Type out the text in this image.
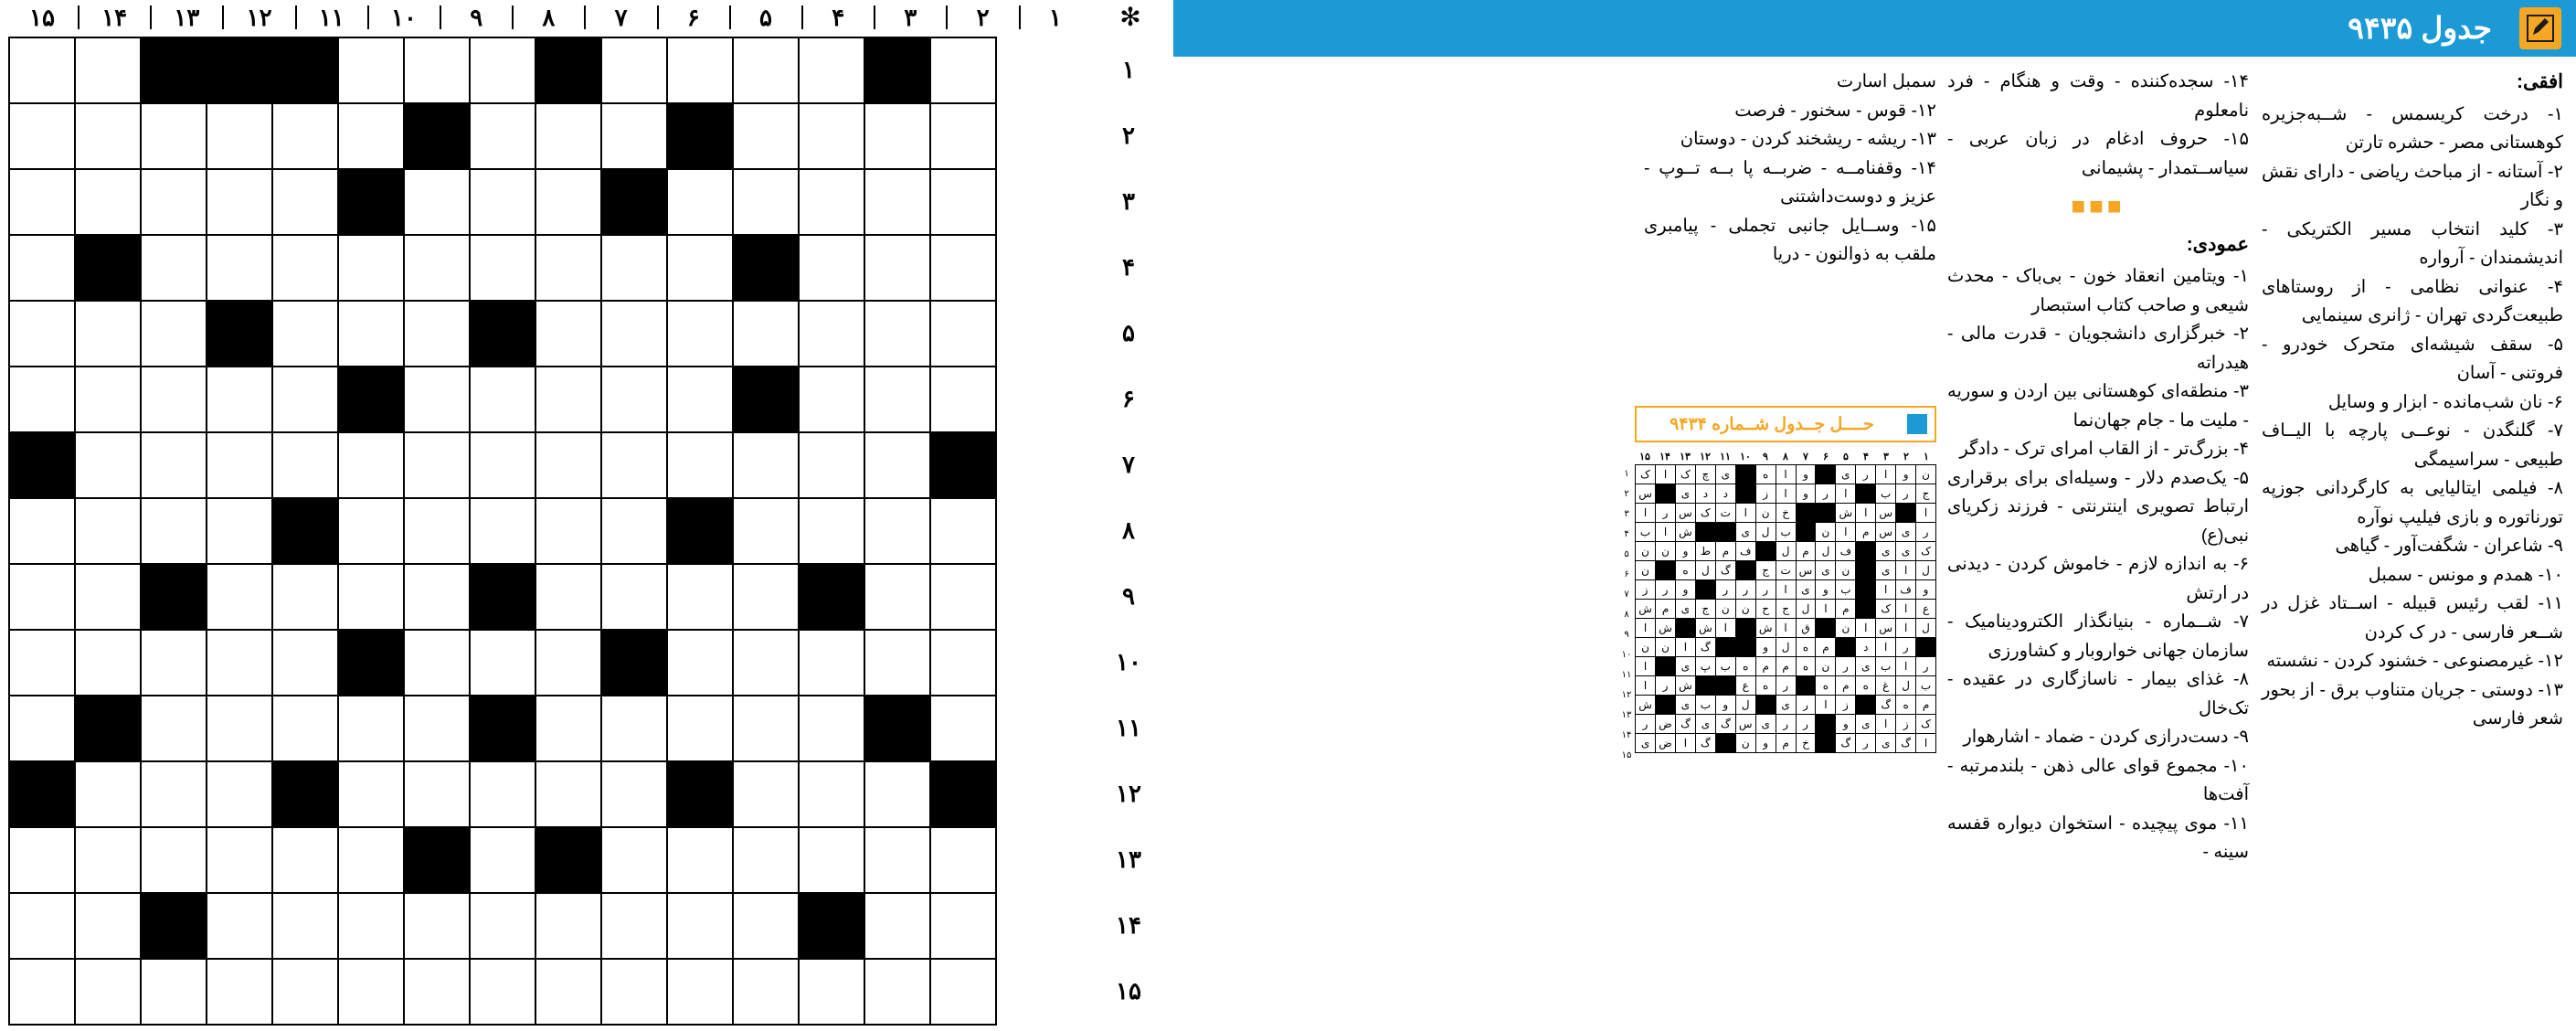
✻
۱۵	۱۴	۱۳	۱۲	۱۱	۱۰	۹	۸	۷	۶	۵	۴	۳	۲	۱

۱
۲
۳
۴
۵
۶
۷
۸
۹
۱۰
۱۱
۱۲
۱۳
۱۴
۱۵
جدول ۹۴۳۵
افقی:

۱- درخت کریسمس - شــبه‌جزیره کوهستانی مصر - حشره تارتن

۲- آستانه - از مباحث ریاضی - دارای نقش و نگار

۳- کلید انتخاب مسیر الکتریکی - اندیشمندان - آرواره

۴- عنوانی نظامی - از روستاهای طبیعت‌گردی تهران - ژانری سینمایی

۵- سقف شیشه‌ای متحرک خودرو - فروتنی - آسان

۶- نان شب‌مانده - ابزار و وسایل

۷- گلنگدن - نوعــی پارچه با الیــاف طبیعی - سراسیمگی

۸- فیلمی ایتالیایی به کارگردانی جوزپه تورناتوره و بازی فیلیپ نوآره

۹- شاعران - شگفت‌آور - گیاهی

۱۰- همدم و مونس - سمبل

۱۱- لقب رئیس قبیله - اســتاد غزل در شــعر فارسی - در ک کردن

۱۲- غیرمصنوعی - خشنود کردن - نشسته

۱۳- دوستی - جریان متناوب برق - از بحور شعر فارسی

۱۴- سجده‌کننده - وقت و هنگام - فرد نامعلوم

۱۵- حروف ادغام در زبان عربی - سیاســتمدار - پشیمانی

■■■
عمودی:

۱- ویتامین انعقاد خون - بی‌باک - محدث شیعی و صاحب کتاب استبصار

۲- خبرگزاری دانشجویان - قدرت مالی - هیدراته

۳- منطقه‌ای کوهستانی بین اردن و سوریه - ملیت ما - جام جهان‌نما

۴- بزرگ‌تر - از القاب امرای ترک - دادگر

۵- یک‌صدم دلار - وسیله‌ای برای برقراری ارتباط تصویری اینترنتی - فرزند زکریای نبی(ع)

۶- به اندازه لازم - خاموش کردن - دیدنی در ارتش

۷- شــماره - بنیانگذار الکترودینامیک - سازمان جهانی خواروبار و کشاورزی

۸- غذای بیمار - ناسازگاری در عقیده - تک‌خال

۹- دست‌درازی کردن - ضماد - اشارهوار

۱۰- مجموع قوای عالی ذهن - بلندمرتبه - آفت‌ها

۱۱- موی پیچیده - استخوان دیواره قفسه سینه -

سمبل اسارت

۱۲- قوس - سخنور - فرصت

۱۳- ریشه - ریشخند کردن - دوستان

۱۴- وقفنامــه - ضربــه پا بــه تــوپ - عزیز و دوست‌داشتنی

۱۵- وســایل جانبی تجملی - پیامبری ملقب به ذوالنون - دریا

حــــل جــدول شــماره ۹۴۳۴
۱۵ ۱۴ ۱۳ ۱۲ ۱۱ ۱۰	۹	۸	۷	۶	۵	۴	۳	۲	۱
ن	و	ا	ر	ی		و	ا	ه		ی	چ	ک	ا	ک
ج	ر	ب		ا	ر	و	ا	ز		د	د	ی		س
ا		س	ا	ش			خ	ن	ا	ت	ک	س	ر	ا
ر	ی	س	م	ا	ن		ب	ل	ی			ش	ا	ب
ک	ی	ی		ف	ل	م	ل		ف	م	ط	و	ن	ن
ل	ا	ی		ن	ی	س	ت	ج		گ	ل	ه		ن
و	ف	ا		ب	و	ی	ا	ر	ر	ر		و	ر	ز
ع	ا	ک		م	ا	ل	ج	ح	ن	ن	ج	ی	م	ش
ل	ا	س	ا	ن		ق	ا	ش		ا	ش		ش	ا
	ر	ا	د		م	ه	ل	و			گ	ا	ن	ن
ر	ا	ب	ی	ر	ن	ه	م	م	ه	ب	پ	ی		ا
ب	ل	غ	ه	م	ه		ر	ه	ع			ش	ر	ا
م	ه	گ		ز	ا	ر	ی		ل	و	ب	ی		ش
ک	ز	ا	ی	و		ر	ر	ی	س	گ	ی	گ	ض	ر
ا	گ	ی	ر	گ		خ	م	و	ن		گ	ا	ض	ی
۱
۲
۳
۴
۵
۶
۷
۸
۹
۱۰
۱۱
۱۲
۱۳
۱۴
۱۵
